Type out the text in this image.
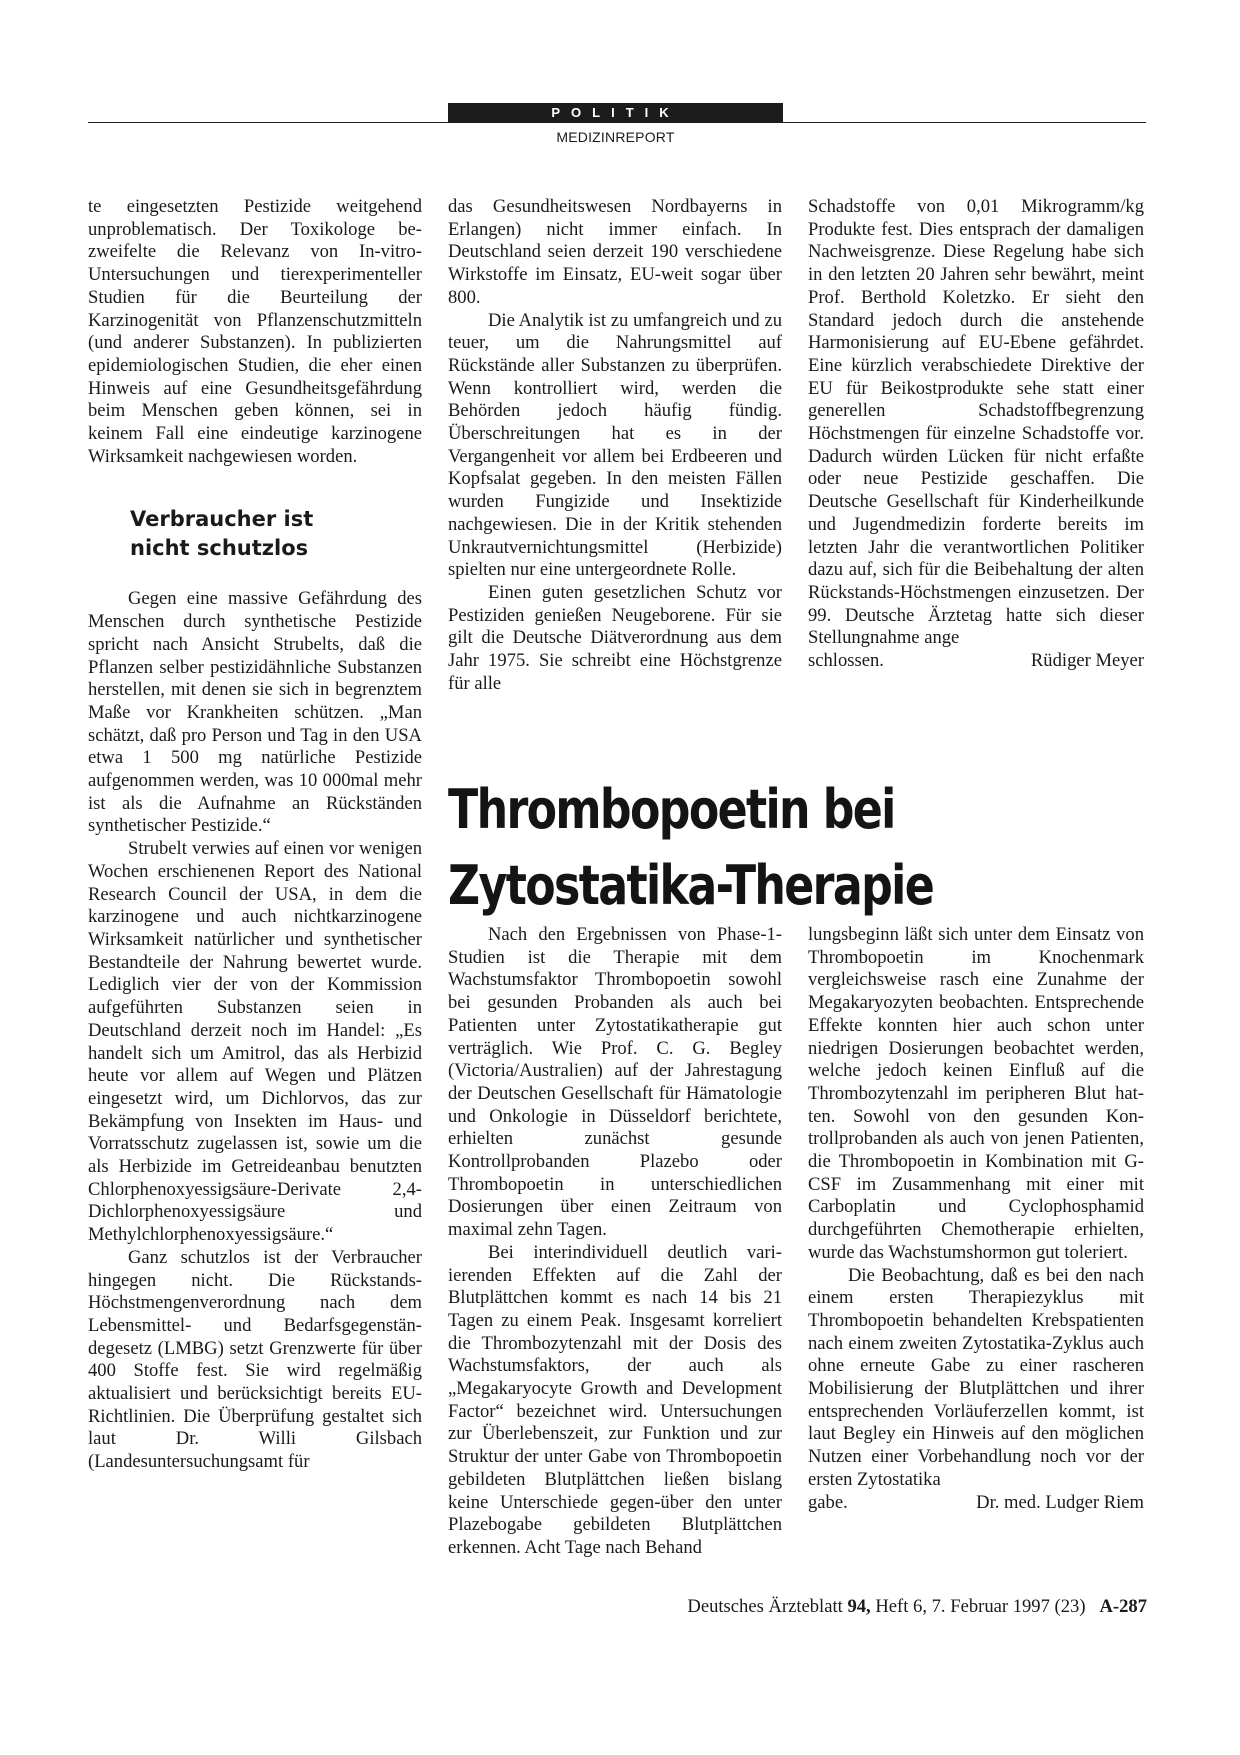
POLITIK
MEDIZINREPORT

te eingesetzten Pestizide weitgehend unproblematisch. Der Toxikologe bezweifelte die Relevanz von In-vitro-Untersuchungen und tierexperimenteller Studien für die Beurteilung der Karzinogenität von Pflanzenschutzmitteln (und anderer Substanzen). In publizierten epidemiologischen Studien, die eher einen Hinweis auf eine Gesundheitsgefährdung beim Menschen geben können, sei in keinem Fall eine eindeutige karzinogene Wirksamkeit nachgewiesen worden.

Verbraucher ist
nicht schutzlos

Gegen eine massive Gefährdung des Menschen durch synthetische Pestizide spricht nach Ansicht Strubelts, daß die Pflanzen selber pestizidähnliche Substanzen herstellen, mit denen sie sich in begrenztem Maße vor Krankheiten schützen. „Man schätzt, daß pro Person und Tag in den USA etwa 1 500 mg natürliche Pestizide aufgenommen werden, was 10 000mal mehr ist als die Aufnahme an Rückständen synthetischer Pestizide.“

Strubelt verwies auf einen vor wenigen Wochen erschienenen Report des National Research Council der USA, in dem die karzinogene und auch nichtkarzinogene Wirksamkeit natürlicher und synthetischer Bestandteile der Nahrung bewertet wurde. Lediglich vier der von der Kommission aufgeführten Substanzen seien in Deutschland derzeit noch im Handel: „Es handelt sich um Amitrol, das als Herbizid heute vor allem auf Wegen und Plätzen eingesetzt wird, um Dichlorvos, das zur Bekämpfung von Insekten im Haus- und Vorratsschutz zugelassen ist, sowie um die als Herbizide im Getreideanbau benutzten Chlorphenoxyessigsäure-Derivate 2,4-Dichlorphenoxyessigsäure und Methylchlorphenoxyessigsäure.“

Ganz schutzlos ist der Verbraucher hingegen nicht. Die Rückstands-Höchstmengenverordnung nach dem Lebensmittel- und Bedarfsgegenständegesetz (LMBG) setzt Grenzwerte für über 400 Stoffe fest. Sie wird regelmäßig aktualisiert und berücksichtigt bereits EU-Richtlinien. Die Überprüfung gestaltet sich laut Dr. Willi Gilsbach (Landesuntersuchungsamt für

das Gesundheitswesen Nordbayerns in Erlangen) nicht immer einfach. In Deutschland seien derzeit 190 verschiedene Wirkstoffe im Einsatz, EU-weit sogar über 800.

Die Analytik ist zu umfangreich und zu teuer, um die Nahrungsmittel auf Rückstände aller Substanzen zu überprüfen. Wenn kontrolliert wird, werden die Behörden jedoch häufig fündig. Überschreitungen hat es in der Vergangenheit vor allem bei Erdbeeren und Kopfsalat gegeben. In den meisten Fällen wurden Fungizide und Insektizide nachgewiesen. Die in der Kritik stehenden Unkrautvernichtungsmittel (Herbizide) spielten nur eine untergeordnete Rolle.

Einen guten gesetzlichen Schutz vor Pestiziden genießen Neugeborene. Für sie gilt die Deutsche Diätverordnung aus dem Jahr 1975. Sie schreibt eine Höchstgrenze für alle

Schadstoffe von 0,01 Mikrogramm/kg Produkte fest. Dies entsprach der damaligen Nachweisgrenze. Diese Regelung habe sich in den letzten 20 Jahren sehr bewährt, meint Prof. Berthold Koletzko. Er sieht den Standard jedoch durch die anstehende Harmonisierung auf EU-Ebene gefährdet. Eine kürzlich verabschiedete Direktive der EU für Beikostprodukte sehe statt einer generellen Schadstoffbegrenzung Höchstmengen für einzelne Schadstoffe vor. Dadurch würden Lücken für nicht erfaßte oder neue Pestizide geschaffen. Die Deutsche Gesellschaft für Kinderheilkunde und Jugendmedizin forderte bereits im letzten Jahr die verantwortlichen Politiker dazu auf, sich für die Beibehaltung der alten Rückstands-Höchstmengen einzusetzen. Der 99. Deutsche Ärztetag hatte sich dieser Stellungnahme ange

schlossen.	Rüdiger Meyer
Thrombopoetin bei
Zytostatika-Therapie

Nach den Ergebnissen von Phase-1-Studien ist die Therapie mit dem Wachstumsfaktor Thrombopoetin sowohl bei gesunden Probanden als auch bei Patienten unter Zytostatikatherapie gut verträglich. Wie Prof. C. G. Begley (Victoria/Australien) auf der Jahrestagung der Deutschen Gesellschaft für Hämatologie und Onkologie in Düsseldorf berichtete, erhielten zunächst gesunde Kontrollprobanden Plazebo oder Thrombopoetin in unterschiedlichen Dosierungen über einen Zeitraum von maximal zehn Tagen.

Bei interindividuell deutlich variierenden Effekten auf die Zahl der Blutplättchen kommt es nach 14 bis 21 Tagen zu einem Peak. Insgesamt korreliert die Thrombozytenzahl mit der Dosis des Wachstumsfaktors, der auch als „Megakaryocyte Growth and Development Factor“ bezeichnet wird. Untersuchungen zur Überlebenszeit, zur Funktion und zur Struktur der unter Gabe von Thrombopoetin gebildeten Blutplättchen ließen bislang keine Unterschiede gegen-über den unter Plazebogabe gebildeten Blutplättchen erkennen. Acht Tage nach Behand

lungsbeginn läßt sich unter dem Einsatz von Thrombopoetin im Knochenmark vergleichsweise rasch eine Zunahme der Megakaryozyten beobachten. Entsprechende Effekte konnten hier auch schon unter niedrigen Dosierungen beobachtet werden, welche jedoch keinen Einfluß auf die Thrombozytenzahl im peripheren Blut hatten. Sowohl von den gesunden Kontrollprobanden als auch von jenen Patienten, die Thrombopoetin in Kombination mit G-CSF im Zusammenhang mit einer mit Carboplatin und Cyclophosphamid durchgeführten Chemotherapie erhielten, wurde das Wachstumshormon gut toleriert.

Die Beobachtung, daß es bei den nach einem ersten Therapiezyklus mit Thrombopoetin behandelten Krebspatienten nach einem zweiten Zytostatika-Zyklus auch ohne erneute Gabe zu einer rascheren Mobilisierung der Blutplättchen und ihrer entsprechenden Vorläuferzellen kommt, ist laut Begley ein Hinweis auf den möglichen Nutzen einer Vorbehandlung noch vor der ersten Zytostatika

gabe.	Dr. med. Ludger Riem
Deutsches Ärzteblatt 94, Heft 6, 7. Februar 1997 (23) A-287
